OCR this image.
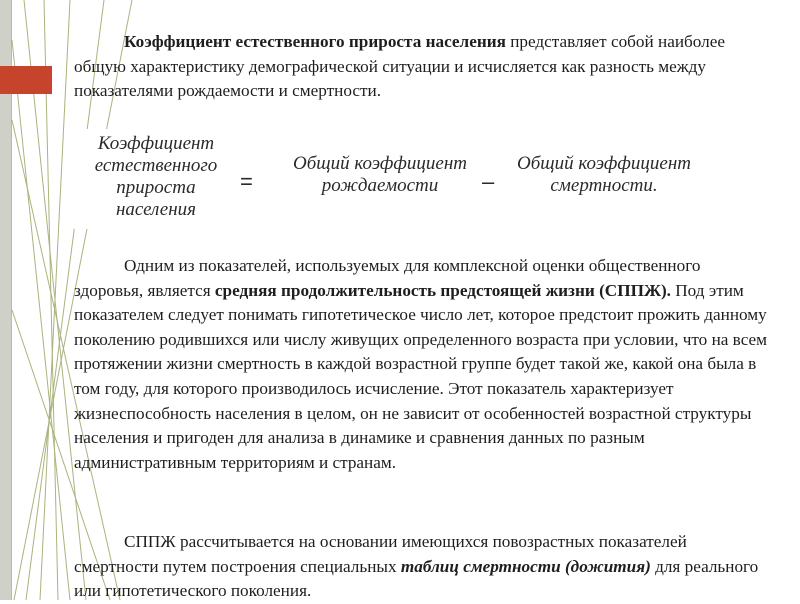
Коэффициент естественного прироста населения представляет собой наиболее общую характеристику демографической ситуации и исчисляется как разность между показателями рождаемости и смертности.

Коэффициент
естественного
прироста
населения
=
Общий коэффициент
рождаемости	–
Общий коэффициент
смертности.

Одним из показателей, используемых для комплексной оценки общественного здоровья, является средняя продолжительность предстоящей жизни (СППЖ). Под этим показателем следует понимать гипотетическое число лет, которое предстоит прожить данному поколению родившихся или числу живущих определенного возраста при условии, что на всем протяжении жизни смертность в каждой возрастной группе будет такой же, какой она была в том году, для которого производилось исчисление. Этот показатель характеризует жизнеспособность населения в целом, он не зависит от особенностей возрастной структуры населения и пригоден для анализа в динамике и сравнения данных по разным административным территориям и странам.

СППЖ рассчитывается на основании имеющихся повозрастных показателей смертности путем построения специальных таблиц смертности (дожития) для реального или гипотетического поколения.
